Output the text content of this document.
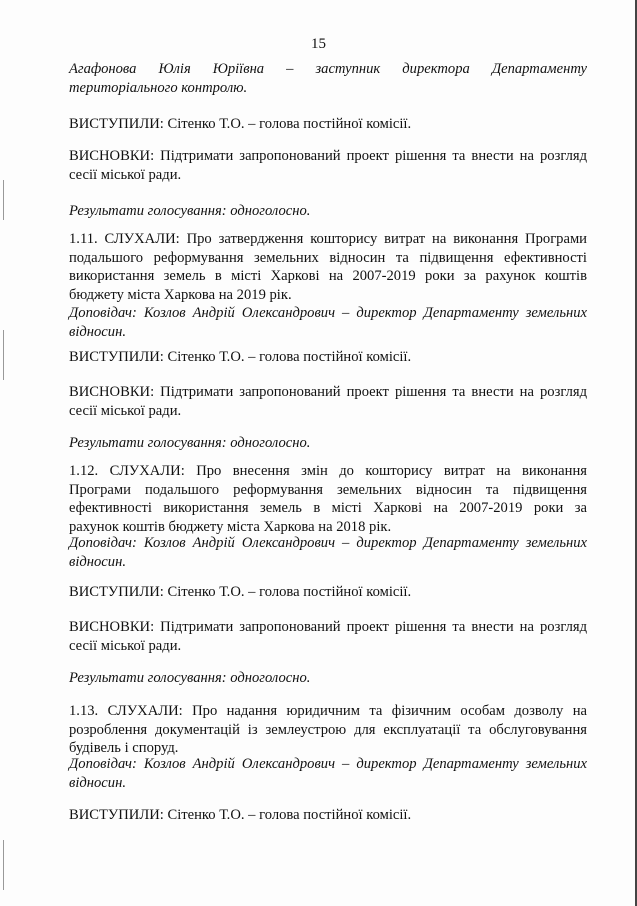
15
Агафонова Юлія Юріївна – заступник директора Департаменту
територіального контролю.
ВИСТУПИЛИ: Сітенко Т.О. – голова постійної комісії.
ВИСНОВКИ: Підтримати запропонований проект рішення та внести на розгляд
сесії міської ради.
Результати голосування: одноголосно.
1.11. СЛУХАЛИ: Про затвердження кошторису витрат на виконання Програми
подальшого реформування земельних відносин та підвищення ефективності
використання земель в місті Харкові на 2007-2019 роки за рахунок коштів
бюджету міста Харкова на 2019 рік.
Доповідач: Козлов Андрій Олександрович – директор Департаменту земельних
відносин.
ВИСТУПИЛИ: Сітенко Т.О. – голова постійної комісії.
ВИСНОВКИ: Підтримати запропонований проект рішення та внести на розгляд
сесії міської ради.
Результати голосування: одноголосно.
1.12. СЛУХАЛИ: Про внесення змін до кошторису витрат на виконання
Програми подальшого реформування земельних відносин та підвищення
ефективності використання земель в місті Харкові на 2007-2019 роки за
рахунок коштів бюджету міста Харкова на 2018 рік.
Доповідач: Козлов Андрій Олександрович – директор Департаменту земельних
відносин.
ВИСТУПИЛИ: Сітенко Т.О. – голова постійної комісії.
ВИСНОВКИ: Підтримати запропонований проект рішення та внести на розгляд
сесії міської ради.
Результати голосування: одноголосно.
1.13. СЛУХАЛИ: Про надання юридичним та фізичним особам дозволу на
розроблення документацій із землеустрою для експлуатації та обслуговування
будівель і споруд.
Доповідач: Козлов Андрій Олександрович – директор Департаменту земельних
відносин.
ВИСТУПИЛИ: Сітенко Т.О. – голова постійної комісії.
